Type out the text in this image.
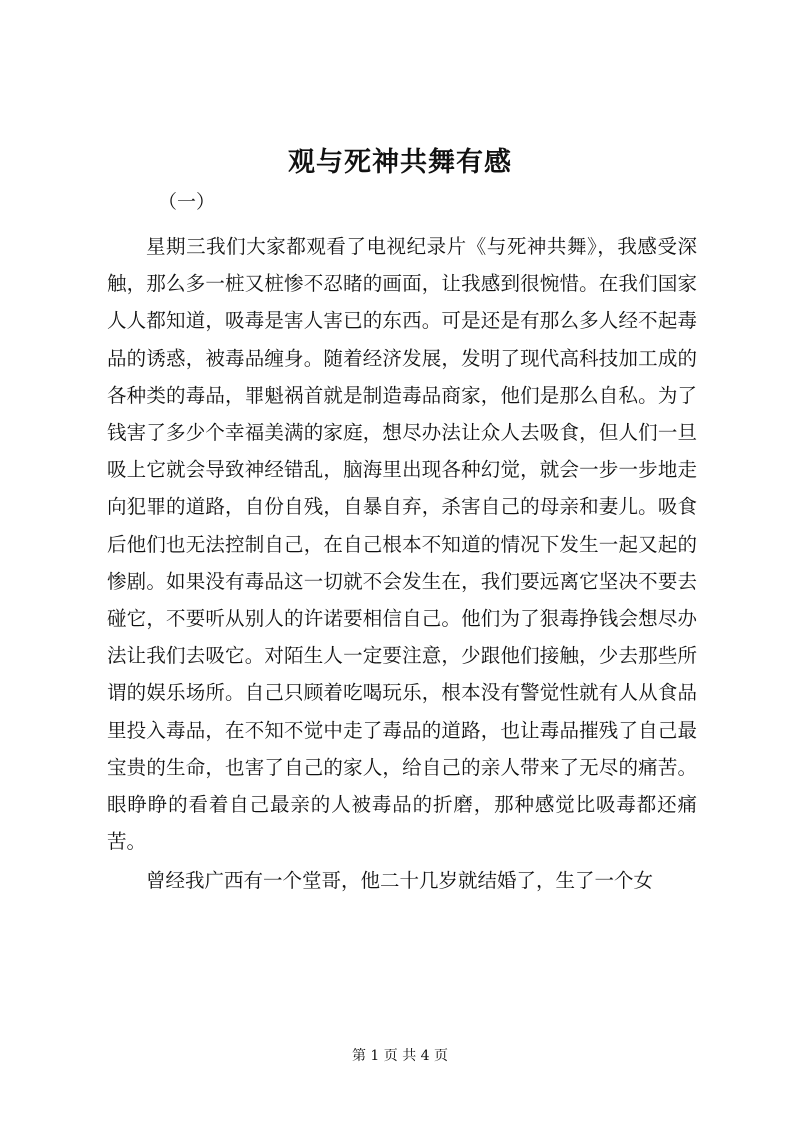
观与死神共舞有感
（一）

星期三我们大家都观看了电视纪录片《与死神共舞》，我感受深触，那么多一桩又桩惨不忍睹的画面，让我感到很惋惜。在我们国家人人都知道，吸毒是害人害已的东西。可是还是有那么多人经不起毒品的诱惑，被毒品缠身。随着经济发展，发明了现代高科技加工成的各种类的毒品，罪魁祸首就是制造毒品商家，他们是那么自私。为了钱害了多少个幸福美满的家庭，想尽办法让众人去吸食，但人们一旦吸上它就会导致神经错乱，脑海里出现各种幻觉，就会一步一步地走向犯罪的道路，自份自残，自暴自弃，杀害自己的母亲和妻儿。吸食后他们也无法控制自己，在自己根本不知道的情况下发生一起又起的惨剧。如果没有毒品这一切就不会发生在，我们要远离它坚决不要去碰它，不要听从别人的许诺要相信自己。他们为了狠毒挣钱会想尽办法让我们去吸它。对陌生人一定要注意，少跟他们接触，少去那些所谓的娱乐场所。自己只顾着吃喝玩乐，根本没有警觉性就有人从食品里投入毒品，在不知不觉中走了毒品的道路，也让毒品摧残了自己最宝贵的生命，也害了自己的家人，给自己的亲人带来了无尽的痛苦。眼睁睁的看着自己最亲的人被毒品的折磨，那种感觉比吸毒都还痛苦。

曾经我广西有一个堂哥，他二十几岁就结婚了，生了一个女

第 1 页 共 4 页
